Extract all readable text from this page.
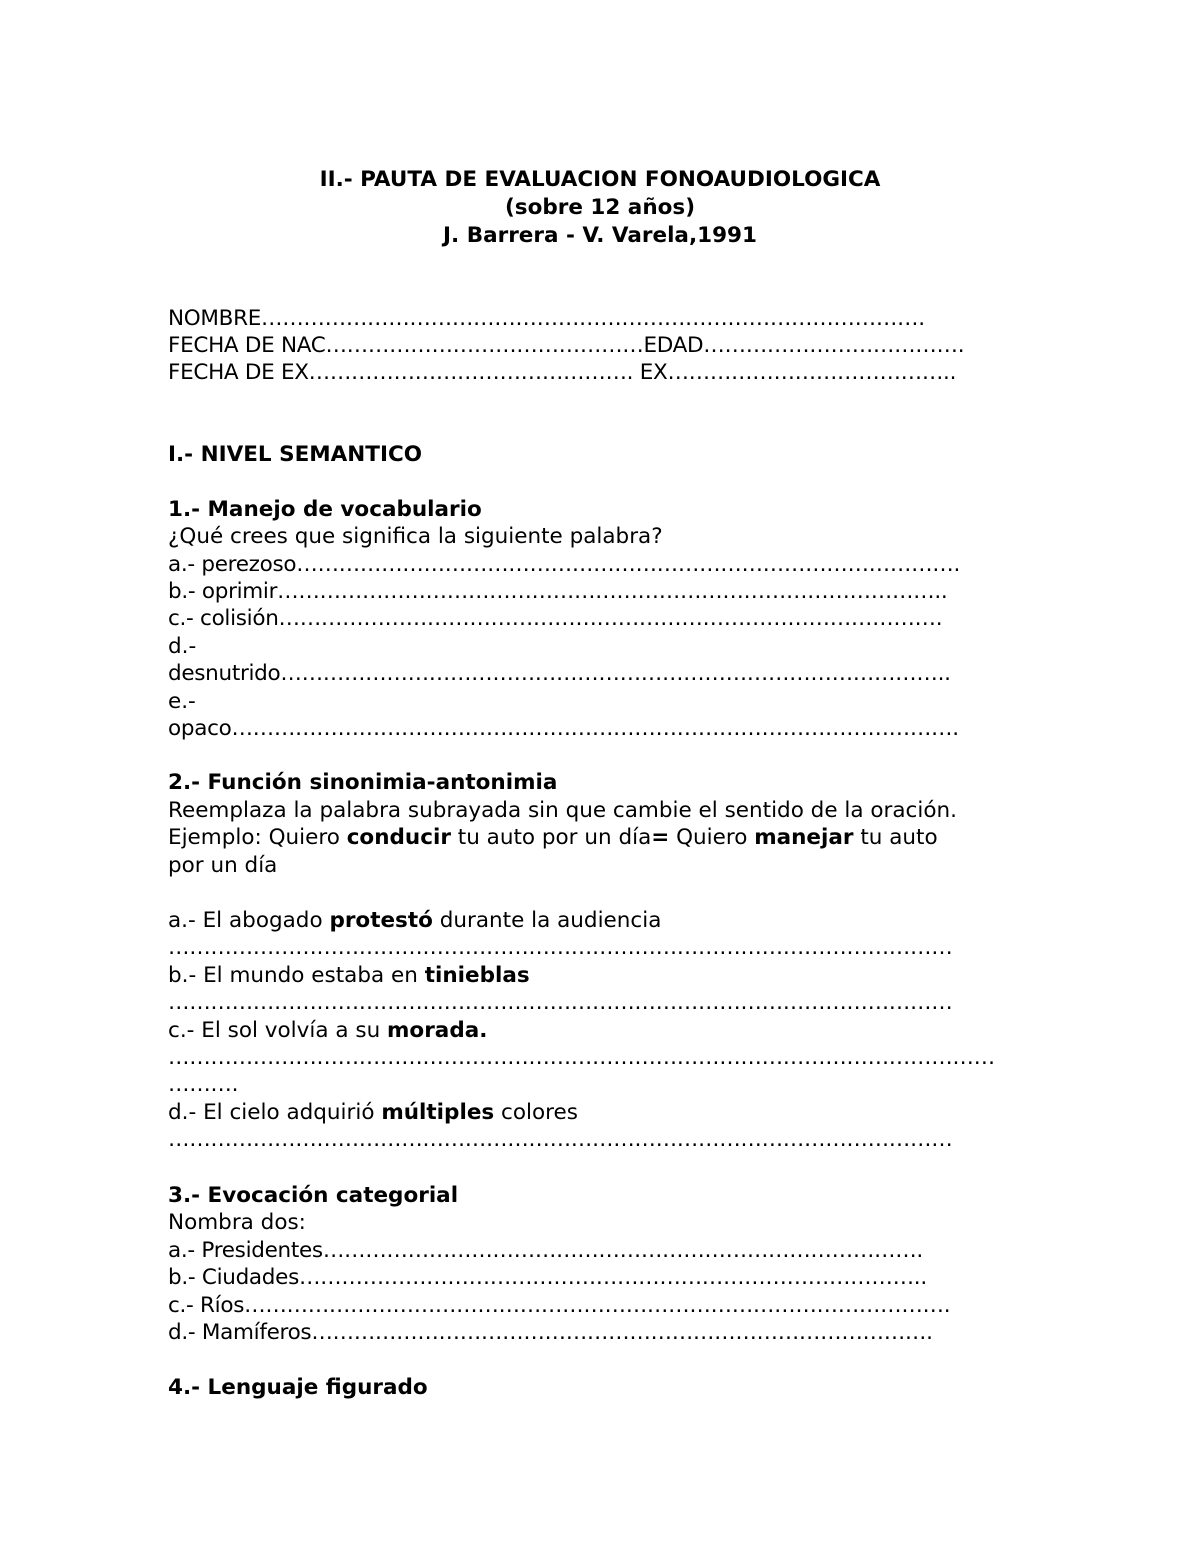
II.- PAUTA DE EVALUACION FONOAUDIOLOGICA

(sobre 12 años)

J. Barrera - V. Varela,1991

NOMBRE………………………………………………………………………………….

FECHA DE NAC………………………………………EDAD……………………………….

FECHA DE EX………………………………………. EX…………………………………..

I.- NIVEL SEMANTICO

1.- Manejo de vocabulario

¿Qué crees que significa la siguiente palabra?

a.- perezoso………………………………………………………………………………….

b.- oprimir…………………………………………………………………………………..

c.- colisión………………………………………………………………………………….

d.-

desnutrido…………………………………………………………………………………..

e.-

opaco………………………………………………………………………………………….

2.- Función sinonimia-antonimia

Reemplaza la palabra subrayada sin que cambie el sentido de la oración.

Ejemplo: Quiero conducir tu auto por un día= Quiero manejar tu auto

por un día

a.- El abogado protestó durante la audiencia

…………………………………………………………………………………………………

b.- El mundo estaba en tinieblas

…………………………………………………………………………………………………

c.- El sol volvía a su morada.

………………………………………………………………………………………………………

……….

d.- El cielo adquirió múltiples colores

…………………………………………………………………………………………………

3.- Evocación categorial

Nombra dos:

a.- Presidentes………………………………………………………………………….

b.- Ciudades……………………………………………………………………………..

c.- Ríos……………………………………………………………………………………….

d.- Mamíferos…………………………………………………………………………….

4.- Lenguaje figurado
